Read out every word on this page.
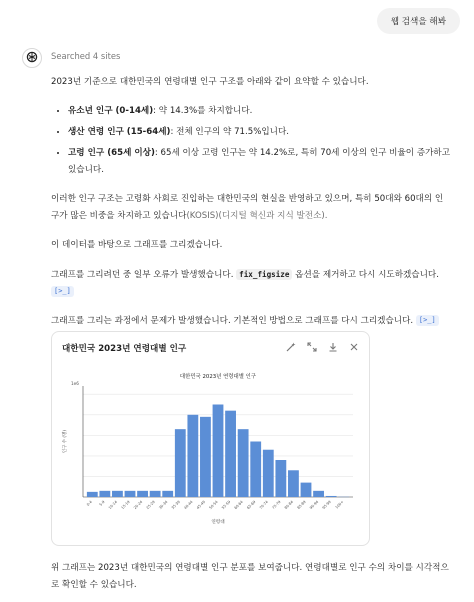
웹 검색을 해봐
Searched 4 sites

2023년 기준으로 대한민국의 연령대별 인구 구조를 아래와 같이 요약할 수 있습니다.

• 유소년 인구 (0-14세): 약 14.3%를 차지합니다.
• 생산 연령 인구 (15-64세): 전체 인구의 약 71.5%입니다.
• 고령 인구 (65세 이상): 65세 이상 고령 인구는 약 14.2%로, 특히 70세 이상의 인구 비율이 증가하고 있습니다.

이러한 인구 구조는 고령화 사회로 진입하는 대한민국의 현실을 반영하고 있으며, 특히 50대와 60대의 인구가 많은 비중을 차지하고 있습니다(KOSIS)(디지털 혁신과 지식 발전소).

이 데이터를 바탕으로 그래프를 그리겠습니다.

그래프를 그리려던 중 일부 오류가 발생했습니다. fix_figsize 옵션을 제거하고 다시 시도하겠습니다. [>_]

그래프를 그리는 과정에서 문제가 발생했습니다. 기본적인 방법으로 그래프를 다시 그리겠습니다. [>_]

대한민국 2023년 연령대별 인구
대한민국 2023년 연령대별 인구
1e6
인구 수 (명)
연령대
0-4 5-9 10-14 15-19 20-24 25-29 30-34 35-39 40-44 45-49 50-54 55-59 60-64 65-69 70-74 75-79 80-84 85-89 90-94 95-99 100+
위 그래프는 2023년 대한민국의 연령대별 인구 분포를 보여줍니다. 연령대별로 인구 수의 차이를 시각적으로 확인할 수 있습니다.
